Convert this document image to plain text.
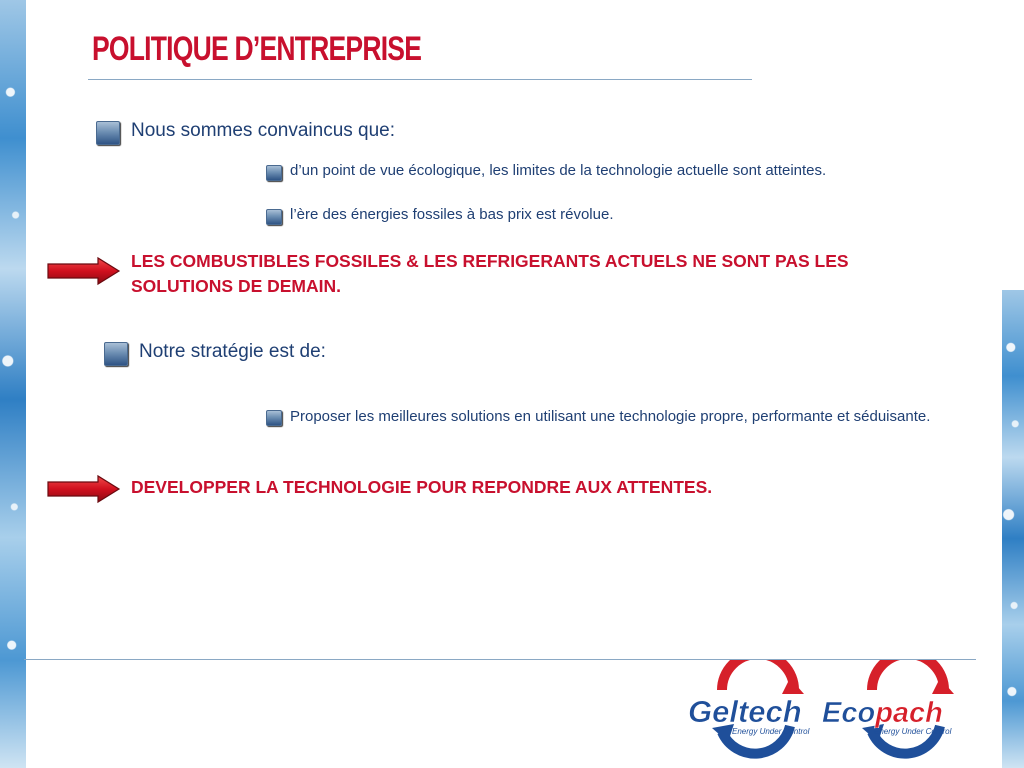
POLITIQUE D’ENTREPRISE
Nous sommes convaincus que:
d’un point de vue écologique, les limites de la technologie actuelle sont atteintes.
l’ère des énergies fossiles à bas prix est révolue.
LES COMBUSTIBLES FOSSILES & LES REFRIGERANTS ACTUELS NE SONT PAS LES SOLUTIONS DE DEMAIN.
Notre stratégie est de:
Proposer les meilleures solutions en utilisant une technologie propre, performante et séduisante.
DEVELOPPER LA TECHNOLOGIE POUR REPONDRE AUX ATTENTES.
Geltech
Energy Under Control
Ecopach
Energy Under Control
